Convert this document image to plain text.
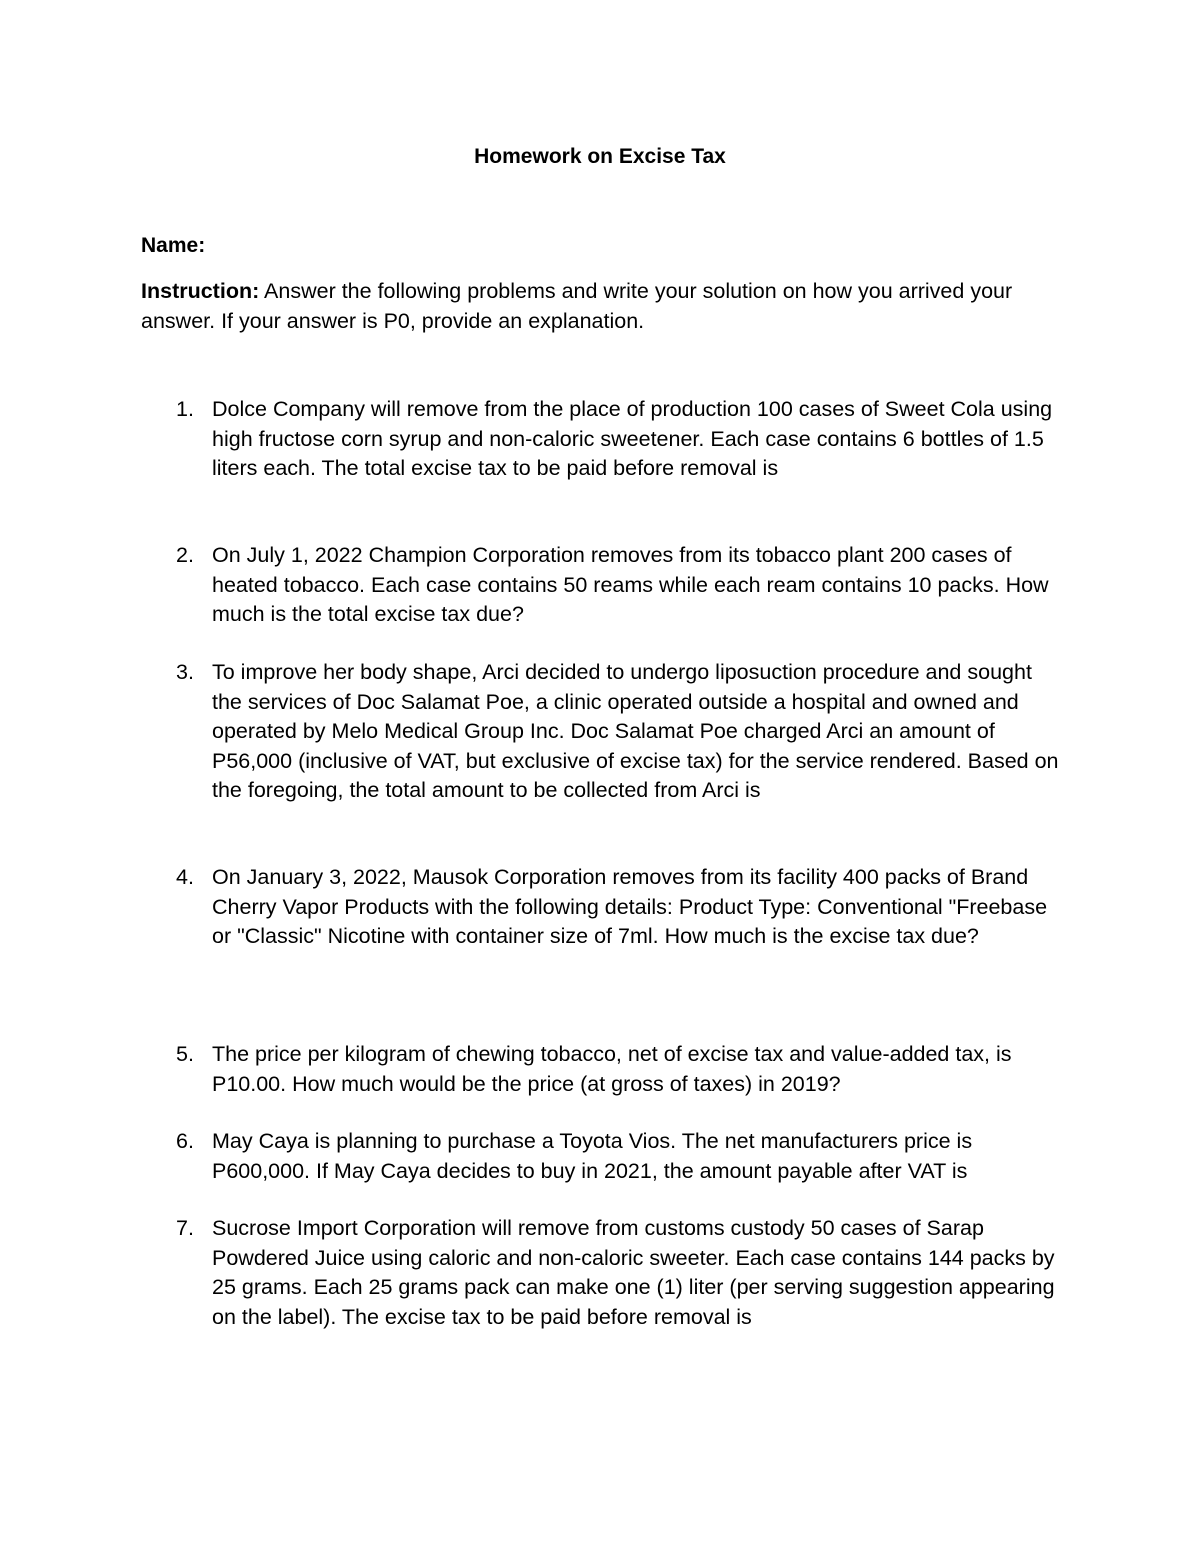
Homework on Excise Tax
Name:
Instruction: Answer the following problems and write your solution on how you arrived your answer. If your answer is P0, provide an explanation.
1. Dolce Company will remove from the place of production 100 cases of Sweet Cola using high fructose corn syrup and non-caloric sweetener. Each case contains 6 bottles of 1.5 liters each. The total excise tax to be paid before removal is
2. On July 1, 2022 Champion Corporation removes from its tobacco plant 200 cases of heated tobacco. Each case contains 50 reams while each ream contains 10 packs. How much is the total excise tax due?
3. To improve her body shape, Arci decided to undergo liposuction procedure and sought the services of Doc Salamat Poe, a clinic operated outside a hospital and owned and operated by Melo Medical Group Inc. Doc Salamat Poe charged Arci an amount of P56,000 (inclusive of VAT, but exclusive of excise tax) for the service rendered. Based on the foregoing, the total amount to be collected from Arci is
4. On January 3, 2022, Mausok Corporation removes from its facility 400 packs of Brand Cherry Vapor Products with the following details: Product Type: Conventional "Freebase or "Classic" Nicotine with container size of 7ml. How much is the excise tax due?
5. The price per kilogram of chewing tobacco, net of excise tax and value-added tax, is P10.00. How much would be the price (at gross of taxes) in 2019?
6. May Caya is planning to purchase a Toyota Vios. The net manufacturers price is P600,000. If May Caya decides to buy in 2021, the amount payable after VAT is
7. Sucrose Import Corporation will remove from customs custody 50 cases of Sarap Powdered Juice using caloric and non-caloric sweeter. Each case contains 144 packs by 25 grams. Each 25 grams pack can make one (1) liter (per serving suggestion appearing on the label). The excise tax to be paid before removal is
